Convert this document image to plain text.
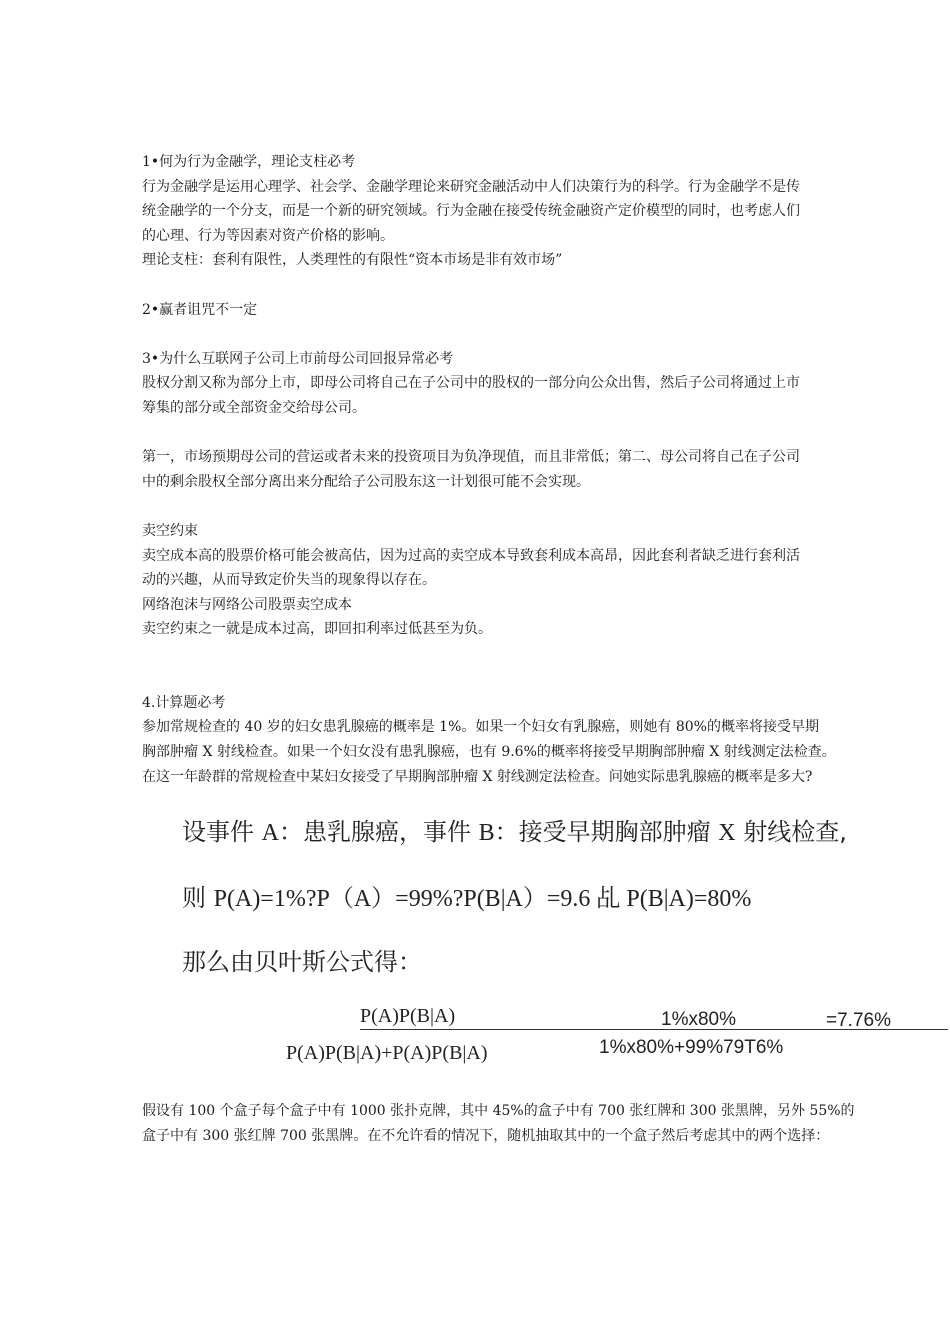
1•何为行为金融学，理论支柱必考

行为金融学是运用心理学、社会学、金融学理论来研究金融活动中人们决策行为的科学。行为金融学不是传

统金融学的一个分支，而是一个新的研究领域。行为金融在接受传统金融资产定价模型的同时，也考虑人们

的心理、行为等因素对资产价格的影响。

理论支柱：套利有限性，人类理性的有限性“资本市场是非有效市场”

2•赢者诅咒不一定

3•为什么互联网子公司上市前母公司回报异常必考

股权分割又称为部分上市，即母公司将自己在子公司中的股权的一部分向公众出售，然后子公司将通过上市

筹集的部分或全部资金交给母公司。

第一，市场预期母公司的营运或者未来的投资项目为负净现值，而且非常低；第二、母公司将自己在子公司

中的剩余股权全部分离出来分配给子公司股东这一计划很可能不会实现。

卖空约束

卖空成本高的股票价格可能会被高估，因为过高的卖空成本导致套利成本高昂，因此套利者缺乏进行套利活

动的兴趣，从而导致定价失当的现象得以存在。

网络泡沫与网络公司股票卖空成本

卖空约束之一就是成本过高，即回扣利率过低甚至为负。

4.计算题必考

参加常规检查的 40 岁的妇女患乳腺癌的概率是 1%。如果一个妇女有乳腺癌，则她有 80%的概率将接受早期

胸部肿瘤 X 射线检查。如果一个妇女没有患乳腺癌，也有 9.6%的概率将接受早期胸部肿瘤 X 射线测定法检查。

在这一年龄群的常规检查中某妇女接受了早期胸部肿瘤 X 射线测定法检查。问她实际患乳腺癌的概率是多大?

设事件 A：患乳腺癌，事件 B：接受早期胸部肿瘤 X 射线检查,
则 P(A)=1%?P（A）=99%?P(B|A）=9.6 乩 P(B|A)=80%
那么由贝叶斯公式得：
P(A)P(B|A)	1%x80%	=7.76%
P(A)P(B|A)+P(A)P(B|A)	1%x80%+99%79T6%

假设有 100 个盒子每个盒子中有 1000 张扑克牌，其中 45%的盒子中有 700 张红牌和 300 张黑牌，另外 55%的

盒子中有 300 张红牌 700 张黑牌。在不允许看的情况下，随机抽取其中的一个盒子然后考虑其中的两个选择：
